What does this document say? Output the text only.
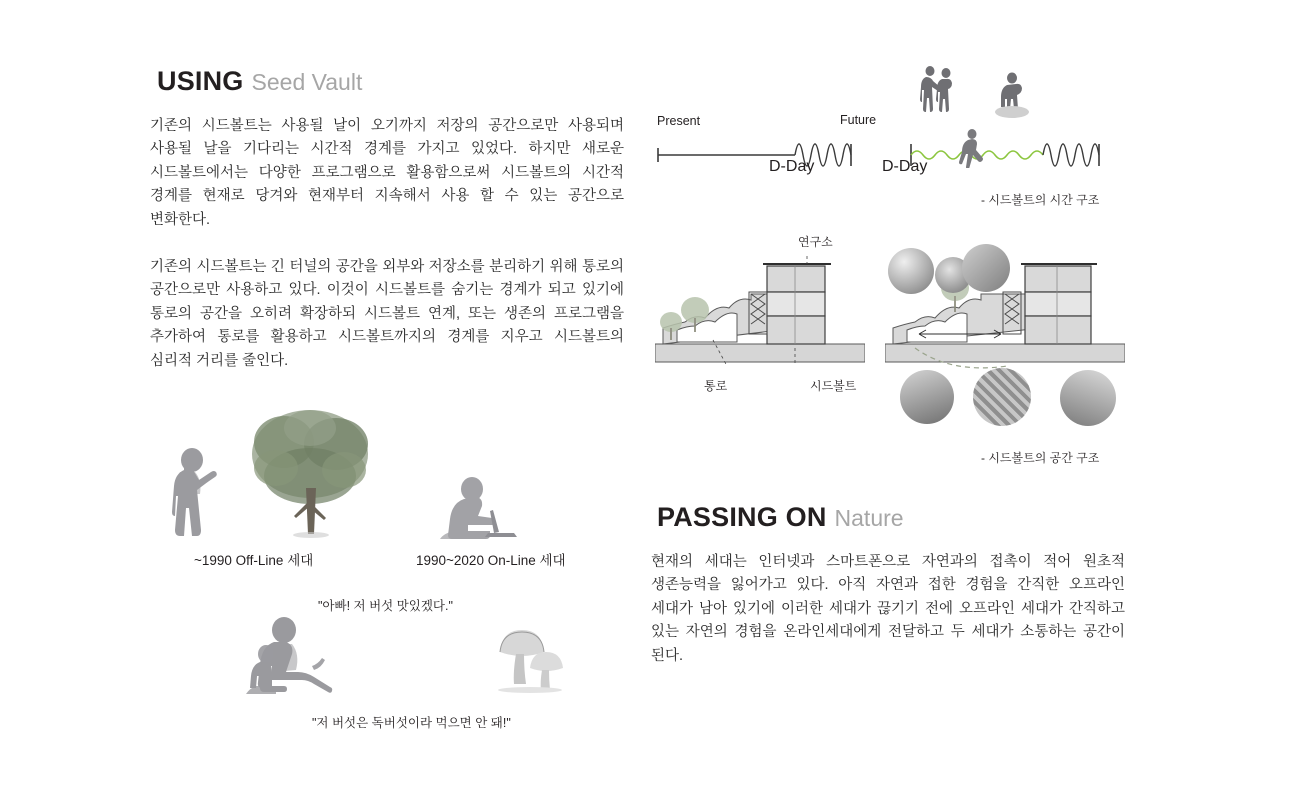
USING Seed Vault
기존의 시드볼트는 사용될 날이 오기까지 저장의 공간으로만 사용되며 사용될 날을 기다리는 시간적 경계를 가지고 있었다. 하지만 새로운 시드볼트에서는 다양한 프로그램으로 활용함으로써 시드볼트의 시간적 경계를 현재로 당겨와 현재부터 지속해서 사용 할 수 있는 공간으로 변화한다.
기존의 시드볼트는 긴 터널의 공간을 외부와 저장소를 분리하기 위해 통로의 공간으로만 사용하고 있다. 이것이 시드볼트를 숨기는 경계가 되고 있기에 통로의 공간을 오히려 확장하되 시드볼트 연계, 또는 생존의 프로그램을 추가하여 통로를 활용하고 시드볼트까지의 경계를 지우고 시드볼트의 심리적 거리를 줄인다.
~1990 Off-Line 세대	1990~2020 On-Line 세대
"아빠! 저 버섯 맛있겠다."
"저 버섯은 독버섯이라 먹으면 안 돼!"
Present	Future
D-Day	D-Day
- 시드볼트의 시간 구조
연구소
통로	시드볼트
- 시드볼트의 공간 구조
PASSING ON Nature
현재의 세대는 인터넷과 스마트폰으로 자연과의 접촉이 적어 원초적 생존능력을 잃어가고 있다. 아직 자연과 접한 경험을 간직한 오프라인 세대가 남아 있기에 이러한 세대가 끊기기 전에 오프라인 세대가 간직하고 있는 자연의 경험을 온라인세대에게 전달하고 두 세대가 소통하는 공간이 된다.
